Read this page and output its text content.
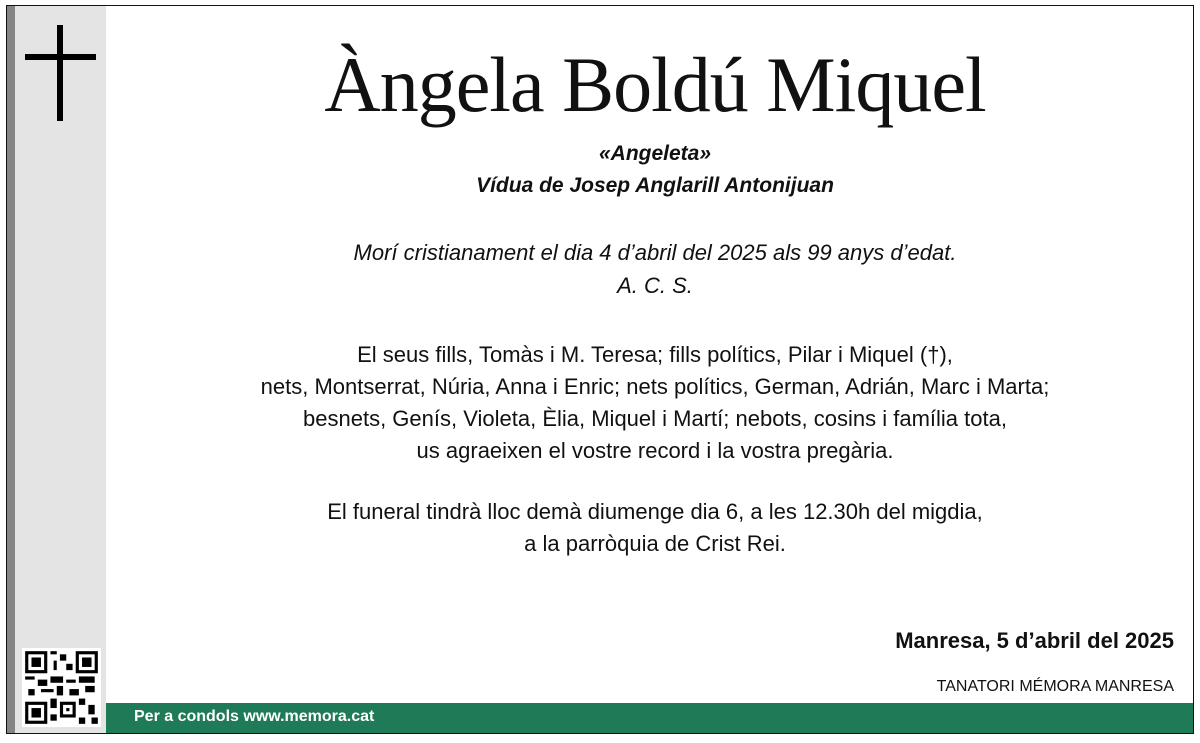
Àngela Boldú Miquel
«Angeleta»
Vídua de Josep Anglarill Antonijuan
Morí cristianament el dia 4 d’abril del 2025 als 99 anys d’edat.
A. C. S.
El seus fills, Tomàs i M. Teresa; fills polítics, Pilar i Miquel (†),
nets, Montserrat, Núria, Anna i Enric; nets polítics, German, Adrián, Marc i Marta;
besnets, Genís, Violeta, Èlia, Miquel i Martí; nebots, cosins i família tota,
us agraeixen el vostre record i la vostra pregària.
El funeral tindrà lloc demà diumenge dia 6, a les 12.30h del migdia,
a la parròquia de Crist Rei.
Manresa, 5 d’abril del 2025
TANATORI MÉMORA MANRESA
Per a condols www.memora.cat
